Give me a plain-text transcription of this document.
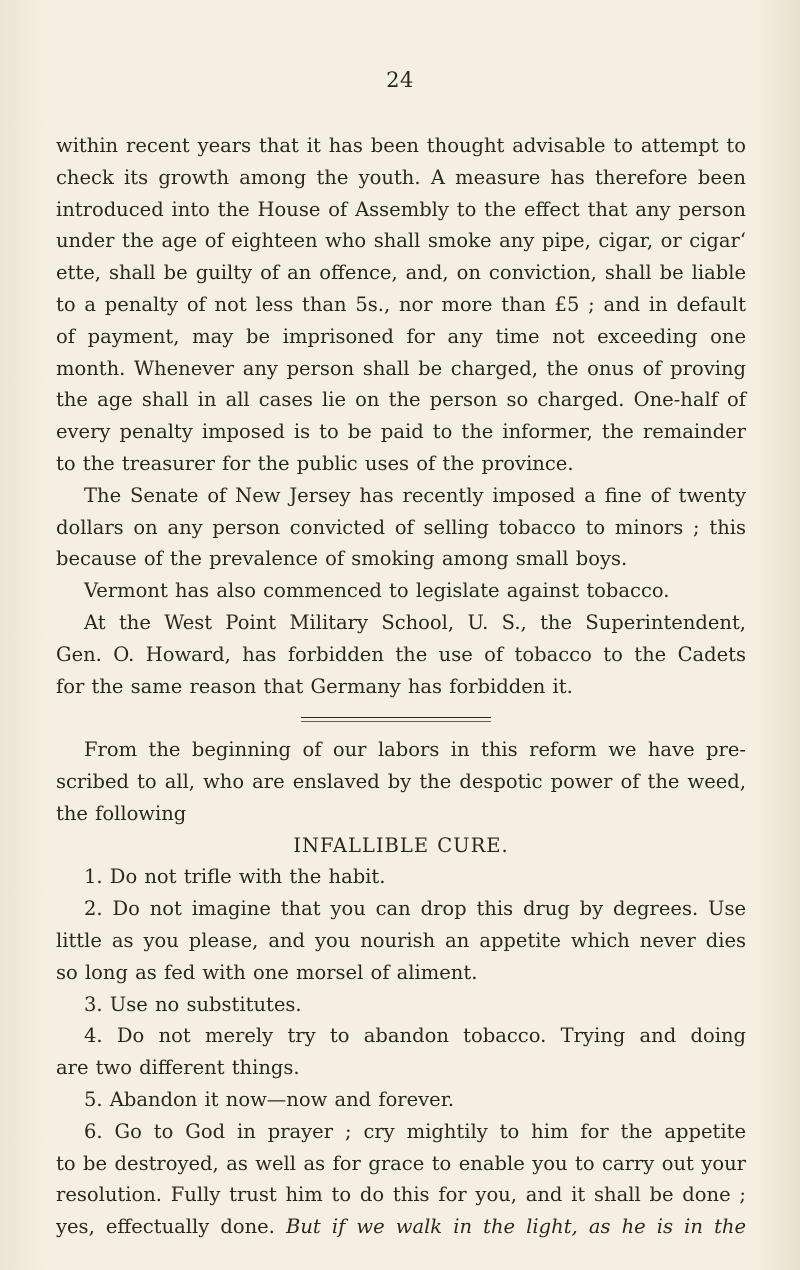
24
within recent years that it has been thought advisable to attempt to
check its growth among the youth. A measure has therefore been
introduced into the House of Assembly to the effect that any person
under the age of eighteen who shall smoke any pipe, cigar, or cigar‘
ette, shall be guilty of an offence, and, on conviction, shall be liable
to a penalty of not less than 5s., nor more than £5 ; and in default
of payment, may be imprisoned for any time not exceeding one
month. Whenever any person shall be charged, the onus of proving
the age shall in all cases lie on the person so charged. One-half of
every penalty imposed is to be paid to the informer, the remainder
to the treasurer for the public uses of the province.
The Senate of New Jersey has recently imposed a fine of twenty
dollars on any person convicted of selling tobacco to minors ; this
because of the prevalence of smoking among small boys.
Vermont has also commenced to legislate against tobacco.
At the West Point Military School, U. S., the Superintendent,
Gen. O. Howard, has forbidden the use of tobacco to the Cadets
for the same reason that Germany has forbidden it.
From the beginning of our labors in this reform we have pre-
scribed to all, who are enslaved by the despotic power of the weed,
the following
INFALLIBLE CURE.
1. Do not trifle with the habit.
2. Do not imagine that you can drop this drug by degrees. Use
little as you please, and you nourish an appetite which never dies
so long as fed with one morsel of aliment.
3. Use no substitutes.
4. Do not merely try to abandon tobacco. Trying and doing
are two different things.
5. Abandon it now—now and forever.
6. Go to God in prayer ; cry mightily to him for the appetite
to be destroyed, as well as for grace to enable you to carry out your
resolution. Fully trust him to do this for you, and it shall be done ;
yes, effectually done. But if we walk in the light, as he is in the
